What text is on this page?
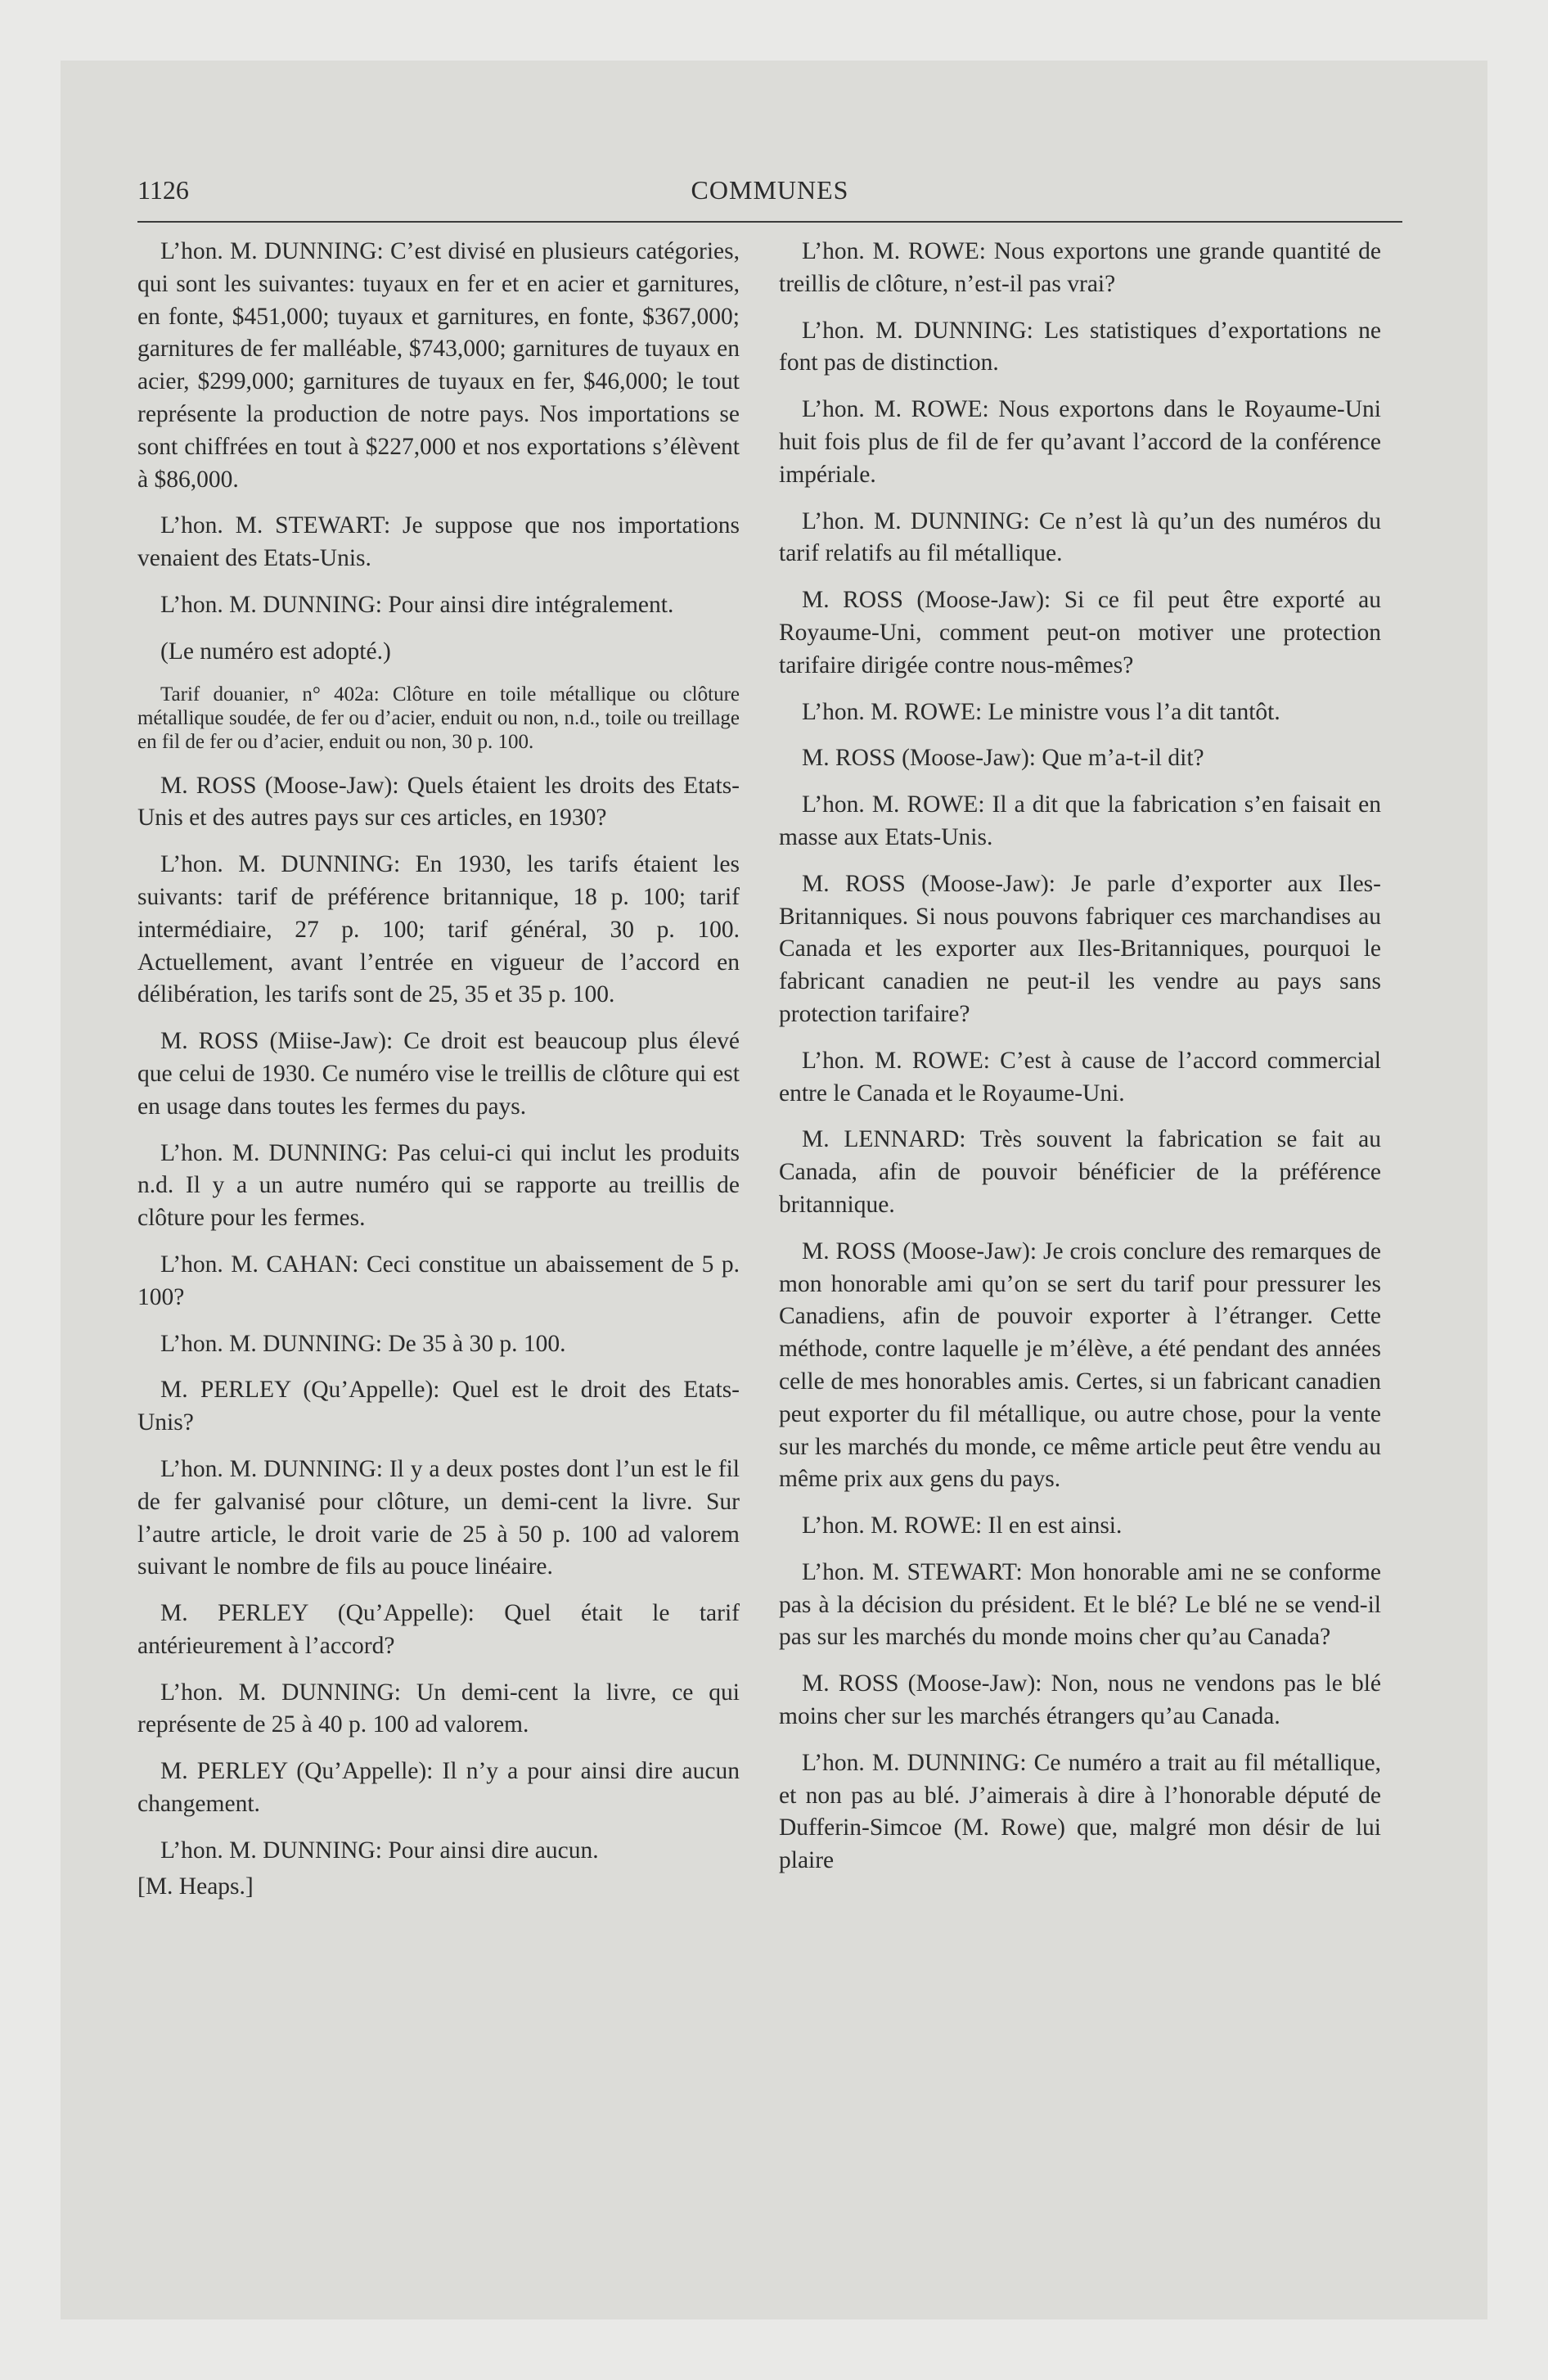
1126	COMMUNES

L’hon. M. DUNNING: C’est divisé en plusieurs catégories, qui sont les suivantes: tuyaux en fer et en acier et garnitures, en fonte, $451,000; tuyaux et garnitures, en fonte, $367,000; garnitures de fer malléable, $743,000; garnitures de tuyaux en acier, $299,000; garnitures de tuyaux en fer, $46,000; le tout représente la production de notre pays. Nos importations se sont chiffrées en tout à $227,000 et nos exportations s’élèvent à $86,000.

L’hon. M. STEWART: Je suppose que nos importations venaient des Etats-Unis.

L’hon. M. DUNNING: Pour ainsi dire intégralement.

(Le numéro est adopté.)

Tarif douanier, n° 402a: Clôture en toile métallique ou clôture métallique soudée, de fer ou d’acier, enduit ou non, n.d., toile ou treillage en fil de fer ou d’acier, enduit ou non, 30 p. 100.

M. ROSS (Moose-Jaw): Quels étaient les droits des Etats-Unis et des autres pays sur ces articles, en 1930?

L’hon. M. DUNNING: En 1930, les tarifs étaient les suivants: tarif de préférence britannique, 18 p. 100; tarif intermédiaire, 27 p. 100; tarif général, 30 p. 100. Actuellement, avant l’entrée en vigueur de l’accord en délibération, les tarifs sont de 25, 35 et 35 p. 100.

M. ROSS (Miise-Jaw): Ce droit est beaucoup plus élevé que celui de 1930. Ce numéro vise le treillis de clôture qui est en usage dans toutes les fermes du pays.

L’hon. M. DUNNING: Pas celui-ci qui inclut les produits n.d. Il y a un autre numéro qui se rapporte au treillis de clôture pour les fermes.

L’hon. M. CAHAN: Ceci constitue un abaissement de 5 p. 100?

L’hon. M. DUNNING: De 35 à 30 p. 100.

M. PERLEY (Qu’Appelle): Quel est le droit des Etats-Unis?

L’hon. M. DUNNING: Il y a deux postes dont l’un est le fil de fer galvanisé pour clôture, un demi-cent la livre. Sur l’autre article, le droit varie de 25 à 50 p. 100 ad valorem suivant le nombre de fils au pouce linéaire.

M. PERLEY (Qu’Appelle): Quel était le tarif antérieurement à l’accord?

L’hon. M. DUNNING: Un demi-cent la livre, ce qui représente de 25 à 40 p. 100 ad valorem.

M. PERLEY (Qu’Appelle): Il n’y a pour ainsi dire aucun changement.

L’hon. M. DUNNING: Pour ainsi dire aucun.

[M. Heaps.]

L’hon. M. ROWE: Nous exportons une grande quantité de treillis de clôture, n’est-il pas vrai?

L’hon. M. DUNNING: Les statistiques d’exportations ne font pas de distinction.

L’hon. M. ROWE: Nous exportons dans le Royaume-Uni huit fois plus de fil de fer qu’avant l’accord de la conférence impériale.

L’hon. M. DUNNING: Ce n’est là qu’un des numéros du tarif relatifs au fil métallique.

M. ROSS (Moose-Jaw): Si ce fil peut être exporté au Royaume-Uni, comment peut-on motiver une protection tarifaire dirigée contre nous-mêmes?

L’hon. M. ROWE: Le ministre vous l’a dit tantôt.

M. ROSS (Moose-Jaw): Que m’a-t-il dit?

L’hon. M. ROWE: Il a dit que la fabrication s’en faisait en masse aux Etats-Unis.

M. ROSS (Moose-Jaw): Je parle d’exporter aux Iles-Britanniques. Si nous pouvons fabriquer ces marchandises au Canada et les exporter aux Iles-Britanniques, pourquoi le fabricant canadien ne peut-il les vendre au pays sans protection tarifaire?

L’hon. M. ROWE: C’est à cause de l’accord commercial entre le Canada et le Royaume-Uni.

M. LENNARD: Très souvent la fabrication se fait au Canada, afin de pouvoir bénéficier de la préférence britannique.

M. ROSS (Moose-Jaw): Je crois conclure des remarques de mon honorable ami qu’on se sert du tarif pour pressurer les Canadiens, afin de pouvoir exporter à l’étranger. Cette méthode, contre laquelle je m’élève, a été pendant des années celle de mes honorables amis. Certes, si un fabricant canadien peut exporter du fil métallique, ou autre chose, pour la vente sur les marchés du monde, ce même article peut être vendu au même prix aux gens du pays.

L’hon. M. ROWE: Il en est ainsi.

L’hon. M. STEWART: Mon honorable ami ne se conforme pas à la décision du président. Et le blé? Le blé ne se vend-il pas sur les marchés du monde moins cher qu’au Canada?

M. ROSS (Moose-Jaw): Non, nous ne vendons pas le blé moins cher sur les marchés étrangers qu’au Canada.

L’hon. M. DUNNING: Ce numéro a trait au fil métallique, et non pas au blé. J’aimerais à dire à l’honorable député de Dufferin-Simcoe (M. Rowe) que, malgré mon désir de lui plaire
